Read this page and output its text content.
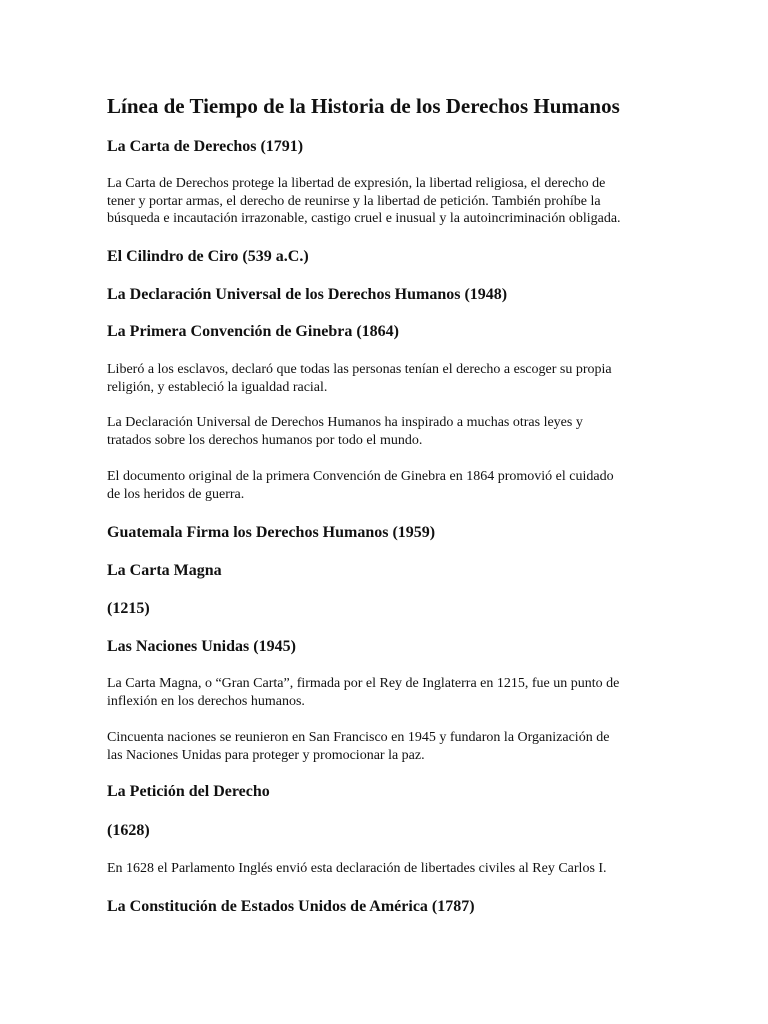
Línea de Tiempo de la Historia de los Derechos Humanos
La Carta de Derechos (1791)

La Carta de Derechos protege la libertad de expresión, la libertad religiosa, el derecho de
tener y portar armas, el derecho de reunirse y la libertad de petición. También prohíbe la
búsqueda e incautación irrazonable, castigo cruel e inusual y la autoincriminación obligada.

El Cilindro de Ciro (539 a.C.)
La Declaración Universal de los Derechos Humanos (1948)
La Primera Convención de Ginebra (1864)

Liberó a los esclavos, declaró que todas las personas tenían el derecho a escoger su propia
religión, y estableció la igualdad racial.

La Declaración Universal de Derechos Humanos ha inspirado a muchas otras leyes y
tratados sobre los derechos humanos por todo el mundo.

El documento original de la primera Convención de Ginebra en 1864 promovió el cuidado
de los heridos de guerra.

Guatemala Firma los Derechos Humanos (1959)
La Carta Magna
(1215)
Las Naciones Unidas (1945)

La Carta Magna, o “Gran Carta”, firmada por el Rey de Inglaterra en 1215, fue un punto de
inflexión en los derechos humanos.

Cincuenta naciones se reunieron en San Francisco en 1945 y fundaron la Organización de
las Naciones Unidas para proteger y promocionar la paz.

La Petición del Derecho
(1628)

En 1628 el Parlamento Inglés envió esta declaración de libertades civiles al Rey Carlos I.

La Constitución de Estados Unidos de América (1787)
